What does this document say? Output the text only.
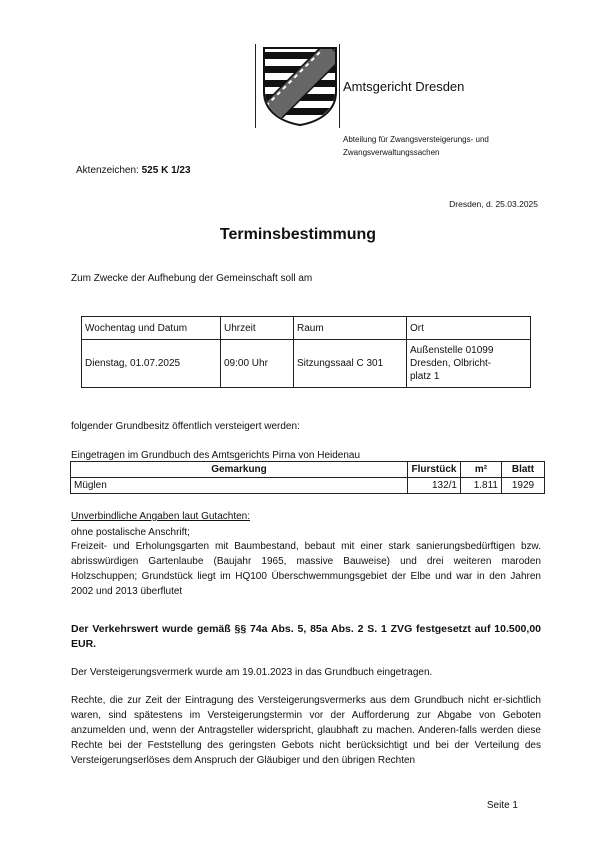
Amtsgericht Dresden
Abteilung für Zwangsversteigerungs- und
Zwangsverwaltungssachen
Aktenzeichen: 525 K 1/23
Dresden, d. 25.03.2025
Terminsbestimmung
Zum Zwecke der Aufhebung der Gemeinschaft soll am
Wochentag und Datum	Uhrzeit	Raum	Ort
Dienstag, 01.07.2025	09:00 Uhr	Sitzungssaal C 301	Außenstelle 01099
Dresden, Olbricht-
platz 1
folgender Grundbesitz öffentlich versteigert werden:
Eingetragen im Grundbuch des Amtsgerichts Pirna von Heidenau
Gemarkung	Flurstück	m²	Blatt
Müglen	132/1	1.811	1929
Unverbindliche Angaben laut Gutachten:
ohne postalische Anschrift;
Freizeit- und Erholungsgarten mit Baumbestand, bebaut mit einer stark sanierungsbedürftigen bzw. abrisswürdigen Gartenlaube (Baujahr 1965, massive Bauweise) und drei weiteren maroden Holzschuppen; Grundstück liegt im HQ100 Überschwemmungsgebiet der Elbe und war in den Jahren 2002 und 2013 überflutet
Der Verkehrswert wurde gemäß §§ 74a Abs. 5, 85a Abs. 2 S. 1 ZVG festgesetzt auf 10.500,00 EUR.
Der Versteigerungsvermerk wurde am 19.01.2023 in das Grundbuch eingetragen.
Rechte, die zur Zeit der Eintragung des Versteigerungsvermerks aus dem Grundbuch nicht er-sichtlich waren, sind spätestens im Versteigerungstermin vor der Aufforderung zur Abgabe von Geboten anzumelden und, wenn der Antragsteller widerspricht, glaubhaft zu machen. Anderen-falls werden diese Rechte bei der Feststellung des geringsten Gebots nicht berücksichtigt und bei der Verteilung des Versteigerungserlöses dem Anspruch der Gläubiger und den übrigen Rechten
Seite 1
